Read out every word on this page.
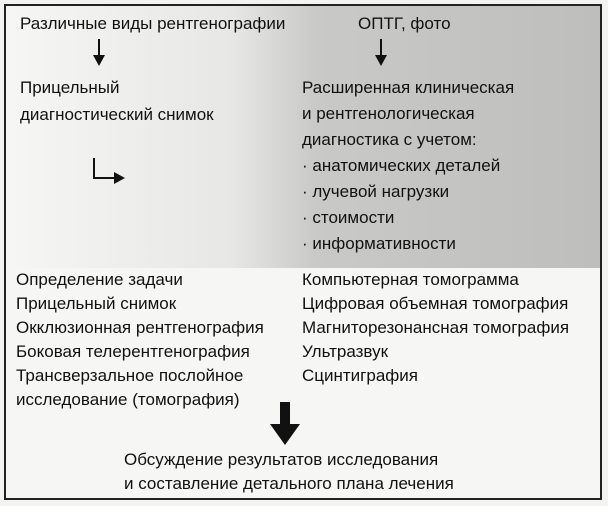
Различные виды рентгенографии
Прицельный
диагностический снимок
ОПТГ, фото
Расширенная клиническая
и рентгенологическая
диагностика с учетом:
· анатомических деталей
· лучевой нагрузки
· стоимости
· информативности
Определение задачи
Прицельный снимок
Окклюзионная рентгенография
Боковая телерентгенография
Трансверзальное послойное
исследование (томография)
Компьютерная томограмма
Цифровая объемная томография
Магниторезонансная томография
Ультразвук
Сцинтиграфия
Обсуждение результатов исследования
и составление детального плана лечения
